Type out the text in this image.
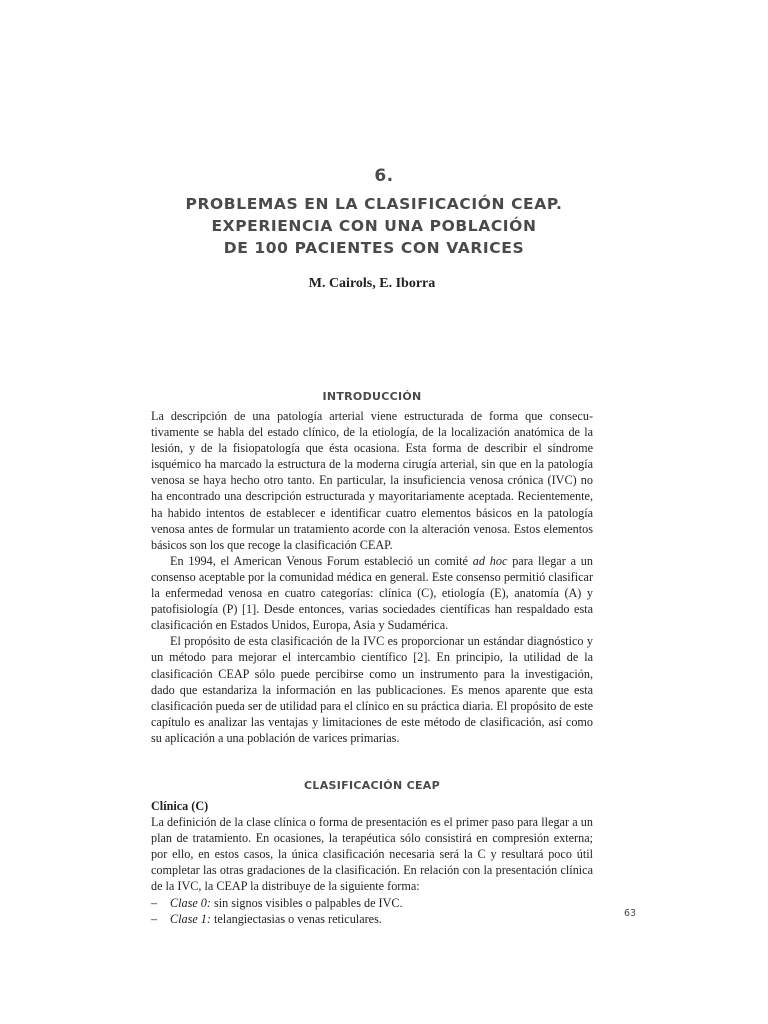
6.
PROBLEMAS EN LA CLASIFICACIÓN CEAP.
EXPERIENCIA CON UNA POBLACIÓN
DE 100 PACIENTES CON VARICES
M. Cairols, E. Iborra
INTRODUCCIÓN

La descripción de una patología arterial viene estructurada de forma que consecutivamente se habla del estado clínico, de la etiología, de la localización anatómica de la lesión, y de la fisiopatología que ésta ocasiona. Esta forma de describir el síndrome isquémico ha marcado la estructura de la moderna cirugía arterial, sin que en la patología venosa se haya hecho otro tanto. En particular, la insuficiencia venosa crónica (IVC) no ha encontrado una descripción estructurada y mayoritariamente aceptada. Recientemente, ha habido intentos de establecer e identificar cuatro elementos básicos en la patología venosa antes de formular un tratamiento acorde con la alteración venosa. Estos elementos básicos son los que recoge la clasificación CEAP.

En 1994, el American Venous Forum estableció un comité ad hoc para llegar a un consenso aceptable por la comunidad médica en general. Este consenso permitió clasificar la enfermedad venosa en cuatro categorías: clínica (C), etiología (E), anatomía (A) y patofisiología (P) [1]. Desde entonces, varias sociedades científicas han respaldado esta clasificación en Estados Unidos, Europa, Asia y Sudamérica.

El propósito de esta clasificación de la IVC es proporcionar un estándar diagnóstico y un método para mejorar el intercambio científico [2]. En principio, la utilidad de la clasificación CEAP sólo puede percibirse como un instrumento para la investigación, dado que estandariza la información en las publicaciones. Es menos aparente que esta clasificación pueda ser de utilidad para el clínico en su práctica diaria. El propósito de este capítulo es analizar las ventajas y limitaciones de este método de clasificación, así como su aplicación a una población de varices primarias.

CLASIFICACIÓN CEAP

Clínica (C)

La definición de la clase clínica o forma de presentación es el primer paso para llegar a un plan de tratamiento. En ocasiones, la terapéutica sólo consistirá en compresión externa; por ello, en estos casos, la única clasificación necesaria será la C y resultará poco útil completar las otras gradaciones de la clasificación. En relación con la presentación clínica de la IVC, la CEAP la distribuye de la siguiente forma:

– Clase 0: sin signos visibles o palpables de IVC.

– Clase 1: telangiectasias o venas reticulares.	63
